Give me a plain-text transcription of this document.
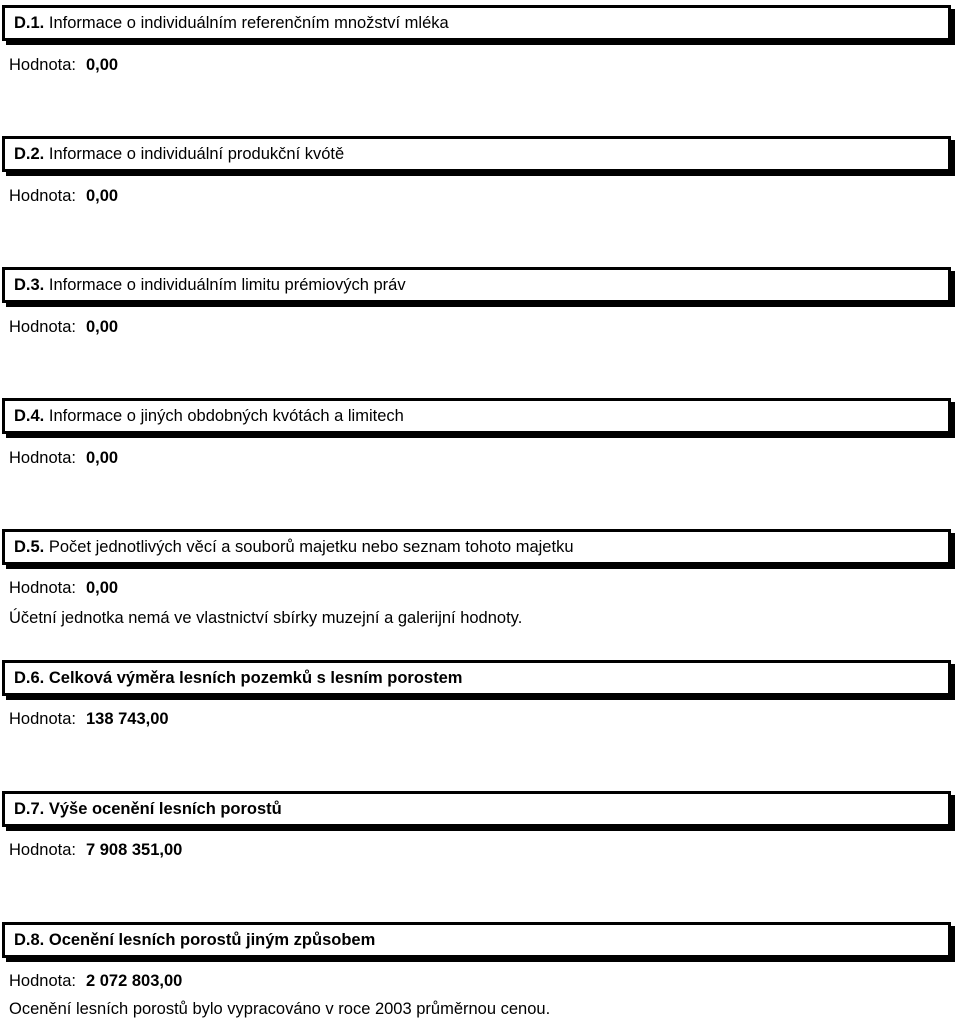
D.1.
Informace o individuálním referenčním množství mléka
Hodnota: 0,00
D.2.
Informace o individuální produkční kvótě
Hodnota: 0,00
D.3.
Informace o individuálním limitu prémiových práv
Hodnota: 0,00
D.4.
Informace o jiných obdobných kvótách a limitech
Hodnota: 0,00
D.5.
Počet jednotlivých věcí a souborů majetku nebo seznam tohoto majetku
Hodnota: 0,00
Účetní jednotka nemá ve vlastnictví sbírky muzejní a galerijní hodnoty.
D.6.
Celková výměra lesních pozemků s lesním porostem
Hodnota: 138 743,00
D.7.
Výše ocenění lesních porostů
Hodnota: 7 908 351,00
D.8.
Ocenění lesních porostů jiným způsobem
Hodnota: 2 072 803,00
Ocenění lesních porostů bylo vypracováno v roce 2003 průměrnou cenou.
